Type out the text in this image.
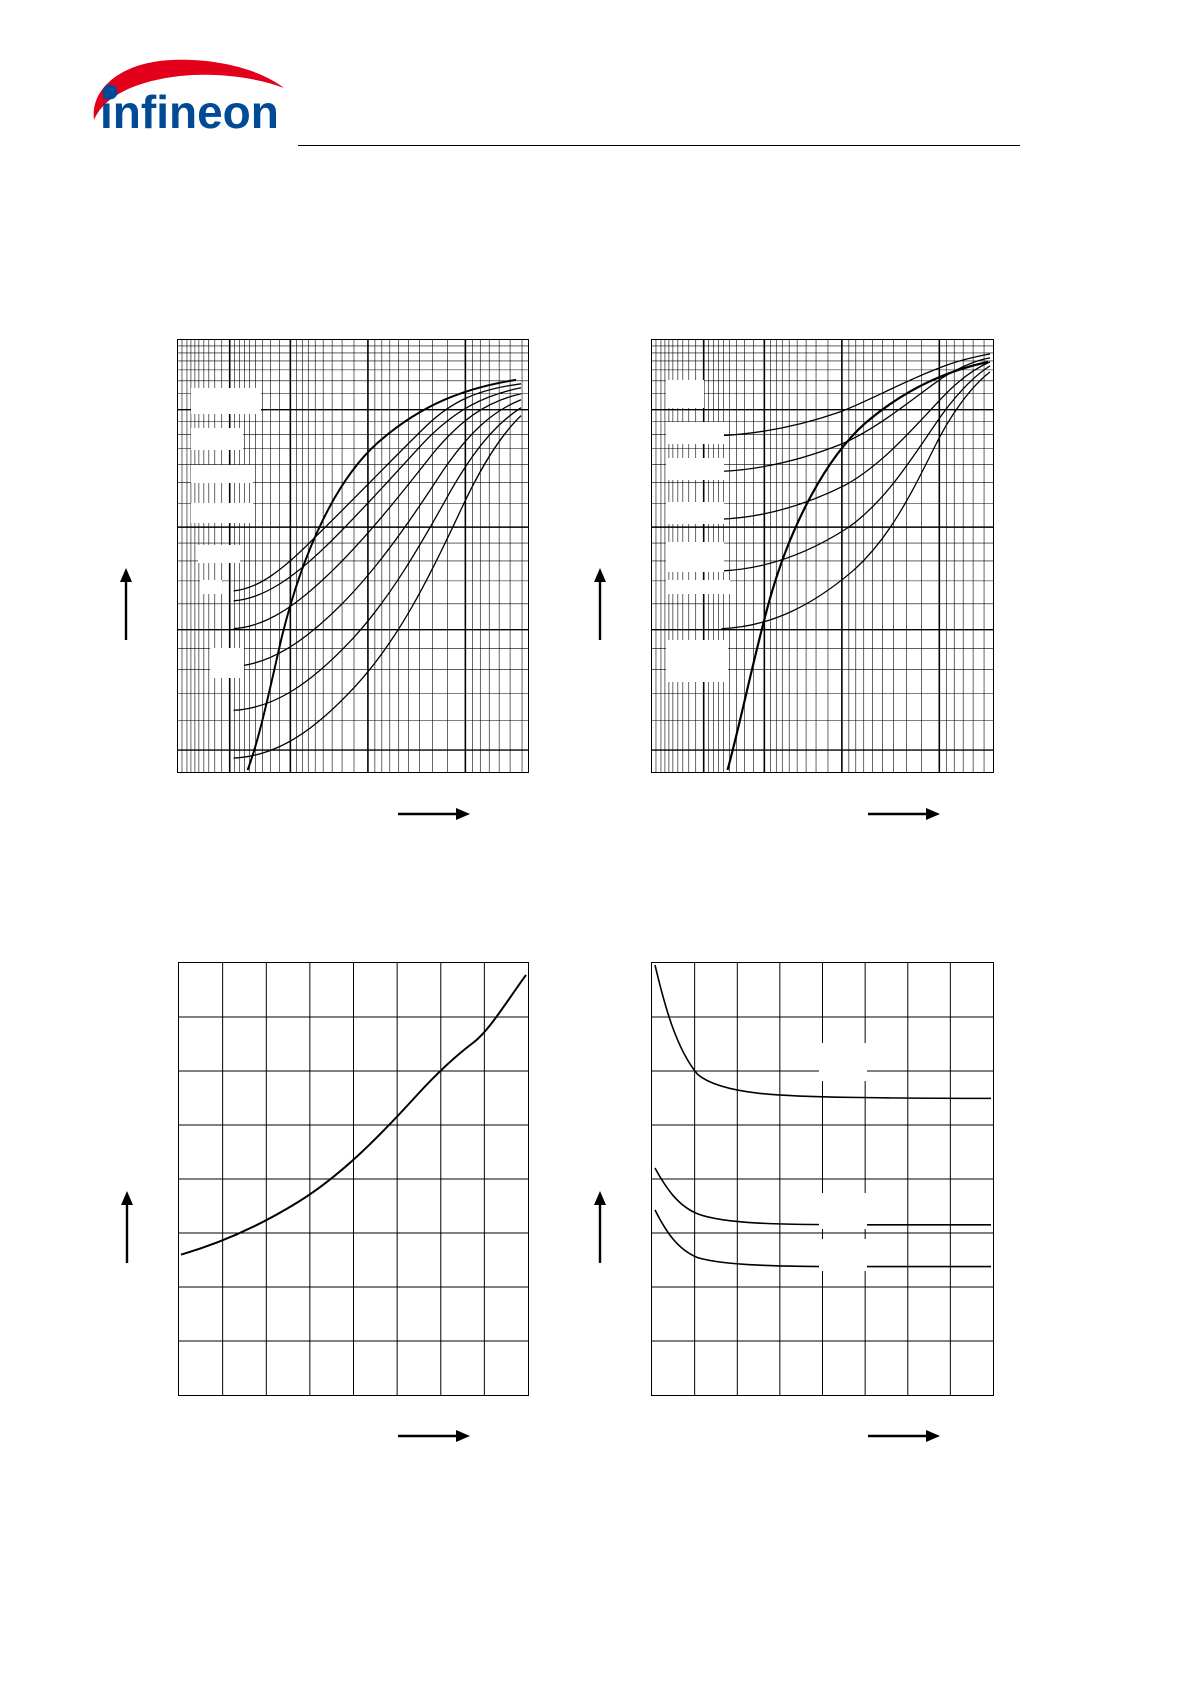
infineon
